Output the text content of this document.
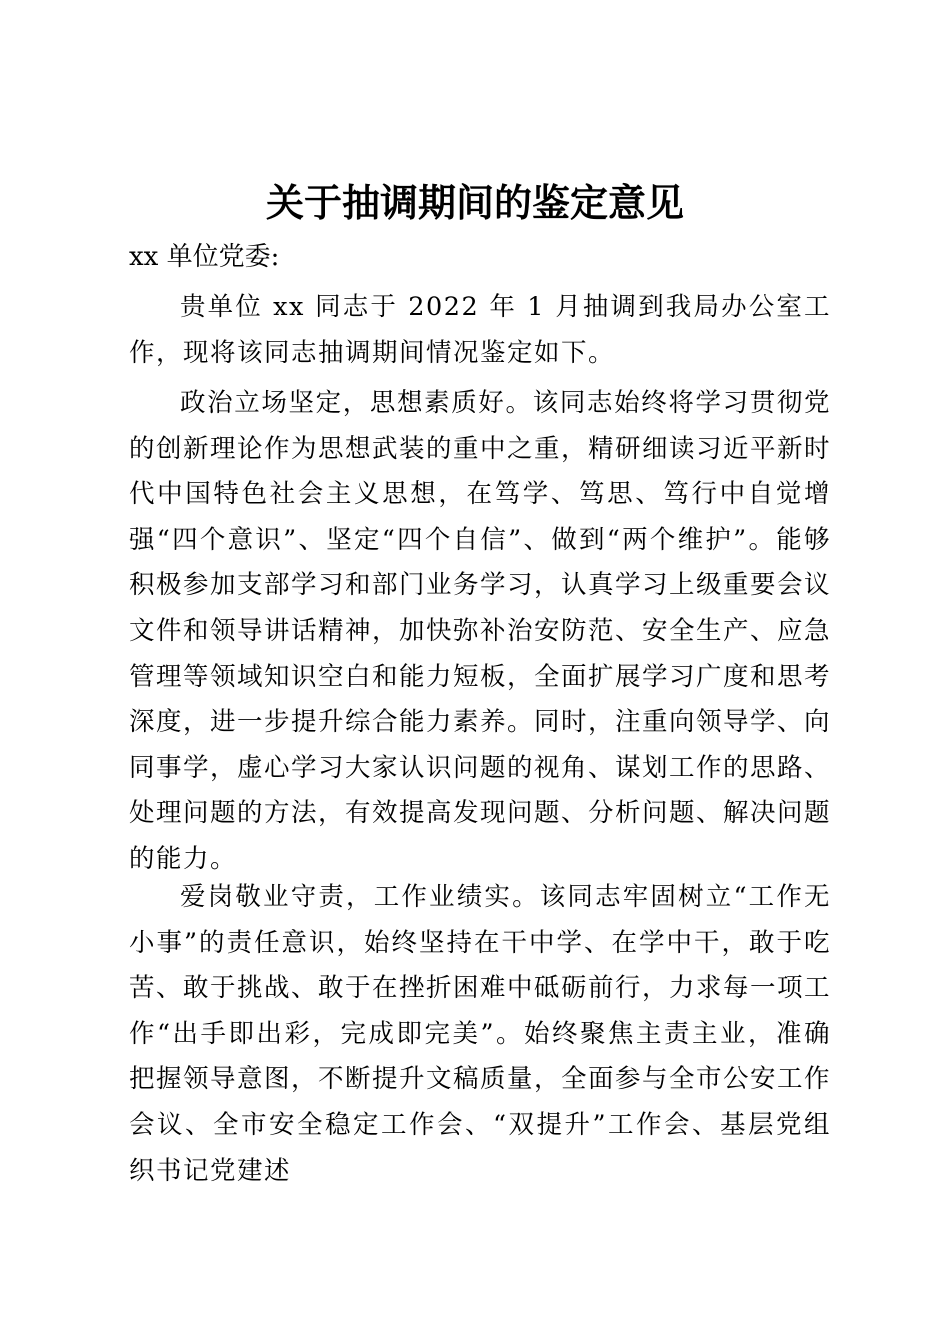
关于抽调期间的鉴定意见
xx 单位党委:

贵单位 xx 同志于 2022 年 1 月抽调到我局办公室工作，现将该同志抽调期间情况鉴定如下。

政治立场坚定，思想素质好。该同志始终将学习贯彻党的创新理论作为思想武装的重中之重，精研细读习近平新时代中国特色社会主义思想，在笃学、笃思、笃行中自觉增强“四个意识”、坚定“四个自信”、做到“两个维护”。能够积极参加支部学习和部门业务学习，认真学习上级重要会议文件和领导讲话精神，加快弥补治安防范、安全生产、应急管理等领域知识空白和能力短板，全面扩展学习广度和思考深度，进一步提升综合能力素养。同时，注重向领导学、向同事学，虚心学习大家认识问题的视角、谋划工作的思路、处理问题的方法，有效提高发现问题、分析问题、解决问题的能力。

爱岗敬业守责，工作业绩实。该同志牢固树立“工作无小事”的责任意识，始终坚持在干中学、在学中干，敢于吃苦、敢于挑战、敢于在挫折困难中砥砺前行，力求每一项工作“出手即出彩，完成即完美”。始终聚焦主责主业，准确把握领导意图，不断提升文稿质量，全面参与全市公安工作会议、全市安全稳定工作会、“双提升”工作会、基层党组织书记党建述
